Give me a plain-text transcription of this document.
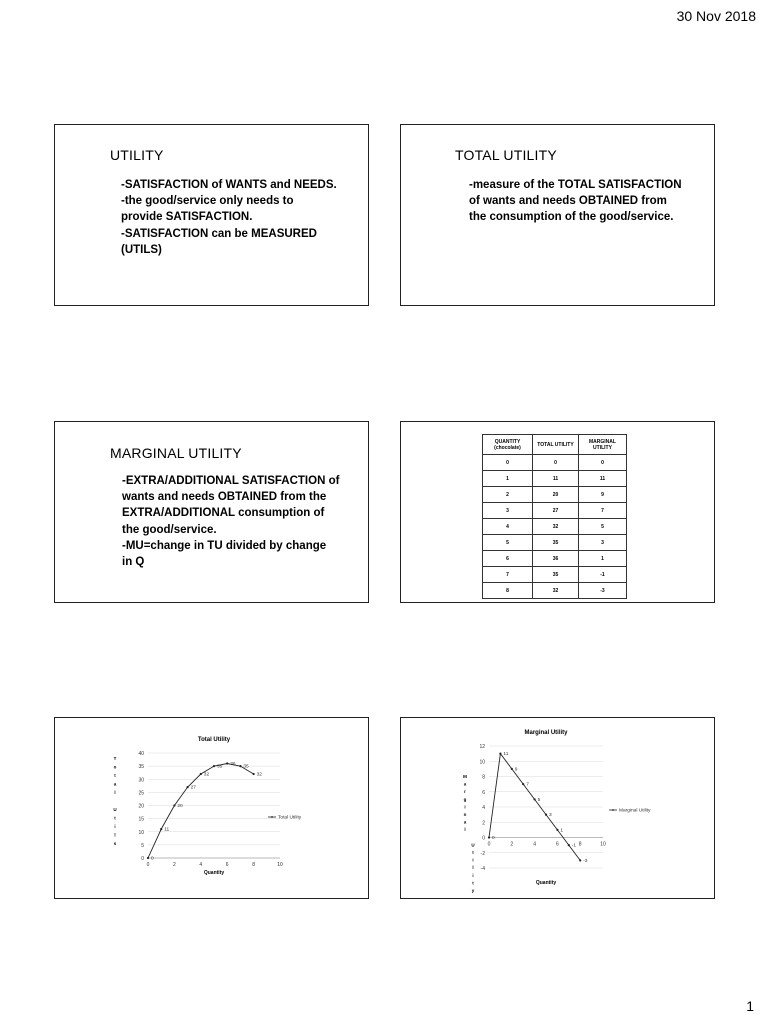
30 Nov 2018
UTILITY
-SATISFACTION of WANTS and NEEDS.
-the good/service only needs to
provide SATISFACTION.
-SATISFACTION can be MEASURED
(UTILS)
TOTAL UTILITY
-measure of the TOTAL SATISFACTION
of wants and needs OBTAINED from
the consumption of the good/service.
MARGINAL UTILITY
-EXTRA/ADDITIONAL SATISFACTION of
wants and needs OBTAINED from the
EXTRA/ADDITIONAL consumption of
the good/service.
-MU=change in TU divided by change
in Q
QUANTITY (chocolate)	TOTAL UTILITY	MARGINAL UTILITY
0	0	0
1	11	11
2	20	9
3	27	7
4	32	5
5	35	3
6	36	1
7	35	-1
8	32	-3
Total Utility
0
5
10
15
20
25
30
35
40
0	2	4	6	8	10
Quantity
T
o
t
a
l
U
t
i
l
s
0
11
20
27
32
35
36
35
32
Total Utility
Marginal Utility
-4
-2
0
2
4
6
8
10
12
0	2	4	6	8	10
Quantity
M
a
r
g
i
n
a
l
U
t
i
l
i
t
y
0
11
9
7
5
3
1
-1
-3
Marginal Utility
1
